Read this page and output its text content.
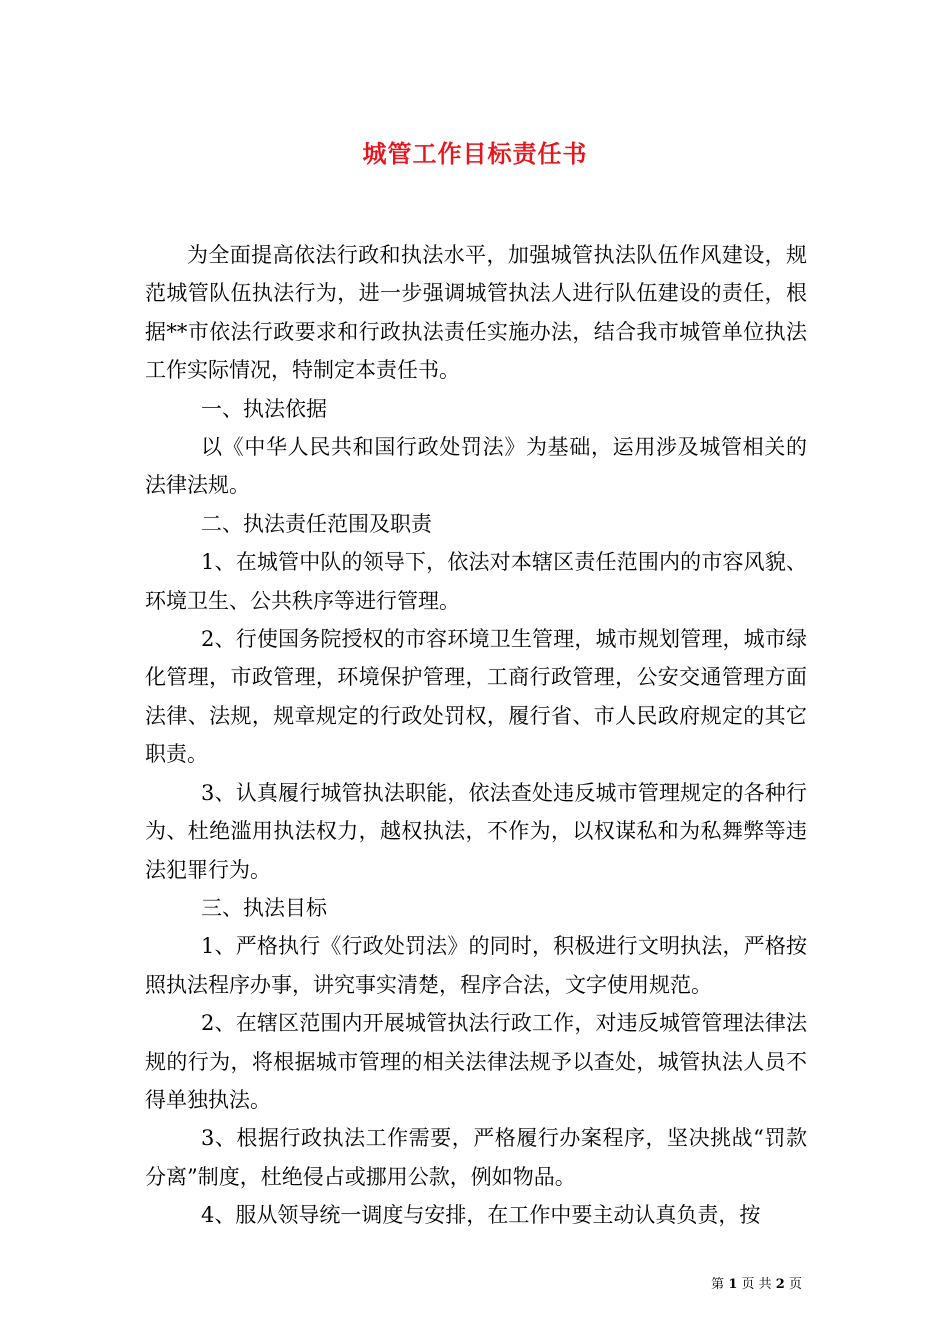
城管工作目标责任书

为全面提高依法行政和执法水平，加强城管执法队伍作风建设，规范城管队伍执法行为，进一步强调城管执法人进行队伍建设的责任，根据**市依法行政要求和行政执法责任实施办法，结合我市城管单位执法工作实际情况，特制定本责任书。

一、执法依据

以《中华人民共和国行政处罚法》为基础，运用涉及城管相关的法律法规。

二、执法责任范围及职责

1、在城管中队的领导下，依法对本辖区责任范围内的市容风貌、环境卫生、公共秩序等进行管理。

2、行使国务院授权的市容环境卫生管理，城市规划管理，城市绿化管理，市政管理，环境保护管理，工商行政管理，公安交通管理方面法律、法规，规章规定的行政处罚权，履行省、市人民政府规定的其它职责。

3、认真履行城管执法职能，依法查处违反城市管理规定的各种行为、杜绝滥用执法权力，越权执法，不作为，以权谋私和为私舞弊等违法犯罪行为。

三、执法目标

1、严格执行《行政处罚法》的同时，积极进行文明执法，严格按照执法程序办事，讲究事实清楚，程序合法，文字使用规范。

2、在辖区范围内开展城管执法行政工作，对违反城管管理法律法规的行为，将根据城市管理的相关法律法规予以查处，城管执法人员不得单独执法。

3、根据行政执法工作需要，严格履行办案程序，坚决挑战“罚款分离”制度，杜绝侵占或挪用公款，例如物品。

4、服从领导统一调度与安排，在工作中要主动认真负责，按

第 1 页 共 2 页
